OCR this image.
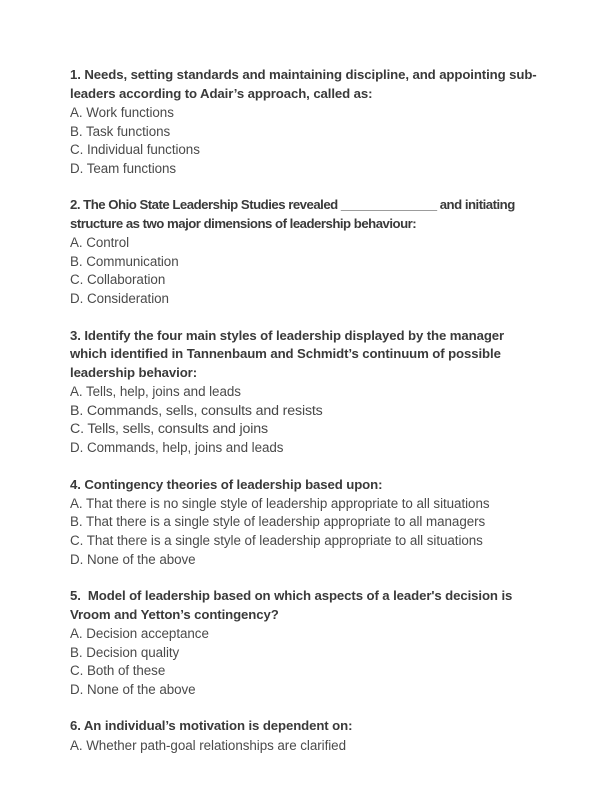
1. Needs, setting standards and maintaining discipline, and appointing sub-leaders according to Adair’s approach, called as:

A. Work functions
B. Task functions
C. Individual functions
D. Team functions

2. The Ohio State Leadership Studies revealed ______________ and initiating structure as two major dimensions of leadership behaviour:

A. Control
B. Communication
C. Collaboration
D. Consideration

3. Identify the four main styles of leadership displayed by the manager which identified in Tannenbaum and Schmidt’s continuum of possible leadership behavior:

A. Tells, help, joins and leads
B. Commands, sells, consults and resists
C. Tells, sells, consults and joins
D. Commands, help, joins and leads

4. Contingency theories of leadership based upon:

A. That there is no single style of leadership appropriate to all situations
B. That there is a single style of leadership appropriate to all managers
C. That there is a single style of leadership appropriate to all situations
D. None of the above

5.  Model of leadership based on which aspects of a leader's decision is Vroom and Yetton’s contingency?

A. Decision acceptance
B. Decision quality
C. Both of these
D. None of the above

6. An individual’s motivation is dependent on:

A. Whether path-goal relationships are clarified
